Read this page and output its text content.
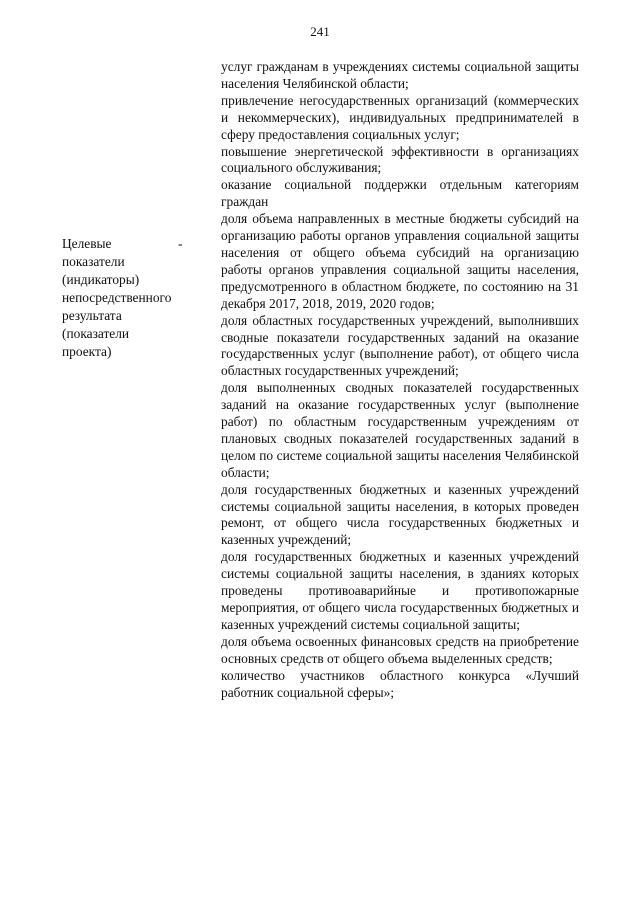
241
Целевые
показатели
(индикаторы)
непосредственного
результата
(показатели
проекта)
-

услуг гражданам в учреждениях системы социальной защиты населения Челябинской области;

привлечение негосударственных организаций (коммерческих и некоммерческих), индивидуальных предпринимателей в сферу предоставления социальных услуг;

повышение энергетической эффективности в организациях социального обслуживания;

оказание социальной поддержки отдельным категориям граждан

доля объема направленных в местные бюджеты субсидий на организацию работы органов управления социальной защиты населения от общего объема субсидий на организацию работы органов управления социальной защиты населения, предусмотренного в областном бюджете, по состоянию на 31 декабря 2017, 2018, 2019, 2020 годов;

доля областных государственных учреждений, выполнивших сводные показатели государственных заданий на оказание государственных услуг (выполнение работ), от общего числа областных государственных учреждений;

доля выполненных сводных показателей государственных заданий на оказание государственных услуг (выполнение работ) по областным государственным учреждениям от плановых сводных показателей государственных заданий в целом по системе социальной защиты населения Челябинской области;

доля государственных бюджетных и казенных учреждений системы социальной защиты населения, в которых проведен ремонт, от общего числа государственных бюджетных и казенных учреждений;

доля государственных бюджетных и казенных учреждений системы социальной защиты населения, в зданиях которых проведены противоаварийные и противопожарные мероприятия, от общего числа государственных бюджетных и казенных учреждений системы социальной защиты;

доля объема освоенных финансовых средств на приобретение основных средств от общего объема выделенных средств;

количество участников областного конкурса «Лучший работник социальной сферы»;
